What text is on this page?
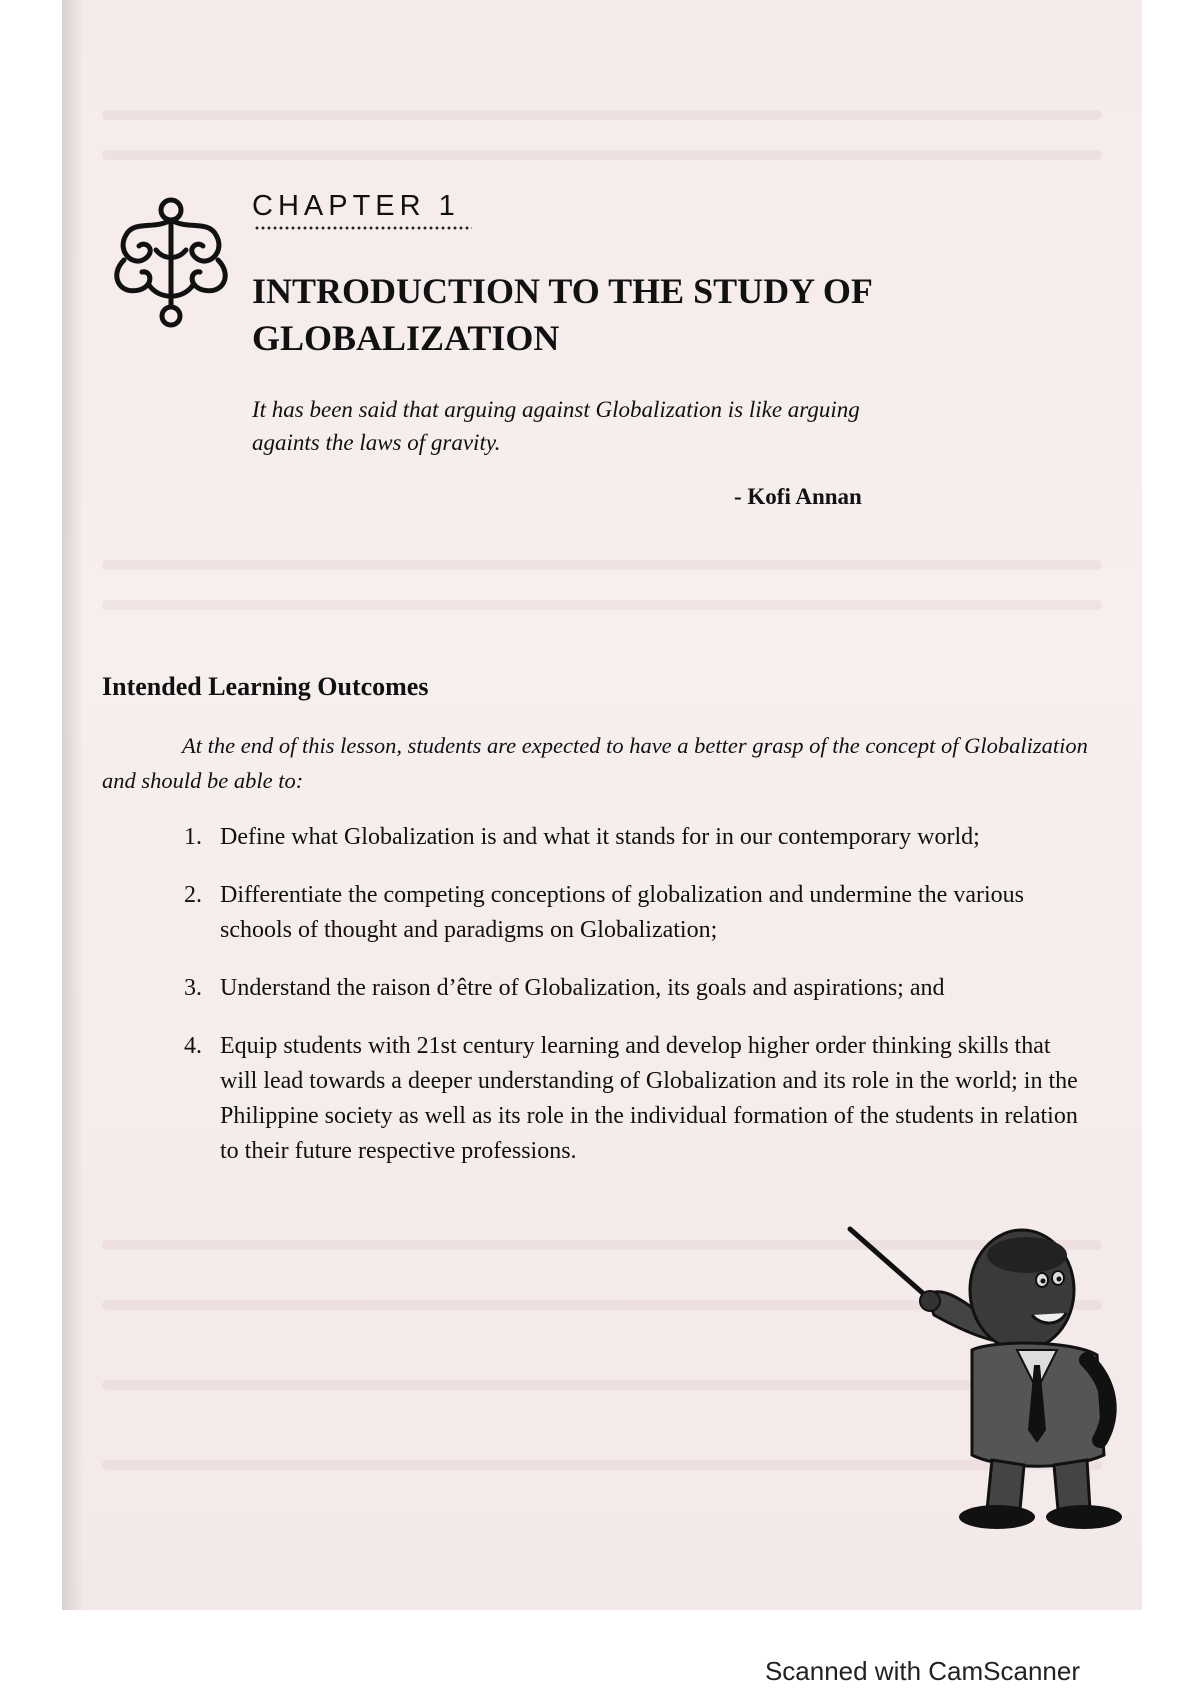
CHAPTER 1
INTRODUCTION TO THE STUDY OF GLOBALIZATION

It has been said that arguing against Globalization is like arguing againts the laws of gravity.

- Kofi Annan
Intended Learning Outcomes

At the end of this lesson, students are expected to have a better grasp of the concept of Globalization and should be able to:

1. Define what Globalization is and what it stands for in our contemporary world;
2. Differentiate the competing conceptions of globalization and undermine the various schools of thought and paradigms on Globalization;
3. Understand the raison d’être of Globalization, its goals and aspirations; and
4. Equip students with 21st century learning and develop higher order thinking skills that will lead towards a deeper understanding of Globalization and its role in the world; in the Philippine society as well as its role in the individual formation of the students in relation to their future respective professions.
Scanned with CamScanner
